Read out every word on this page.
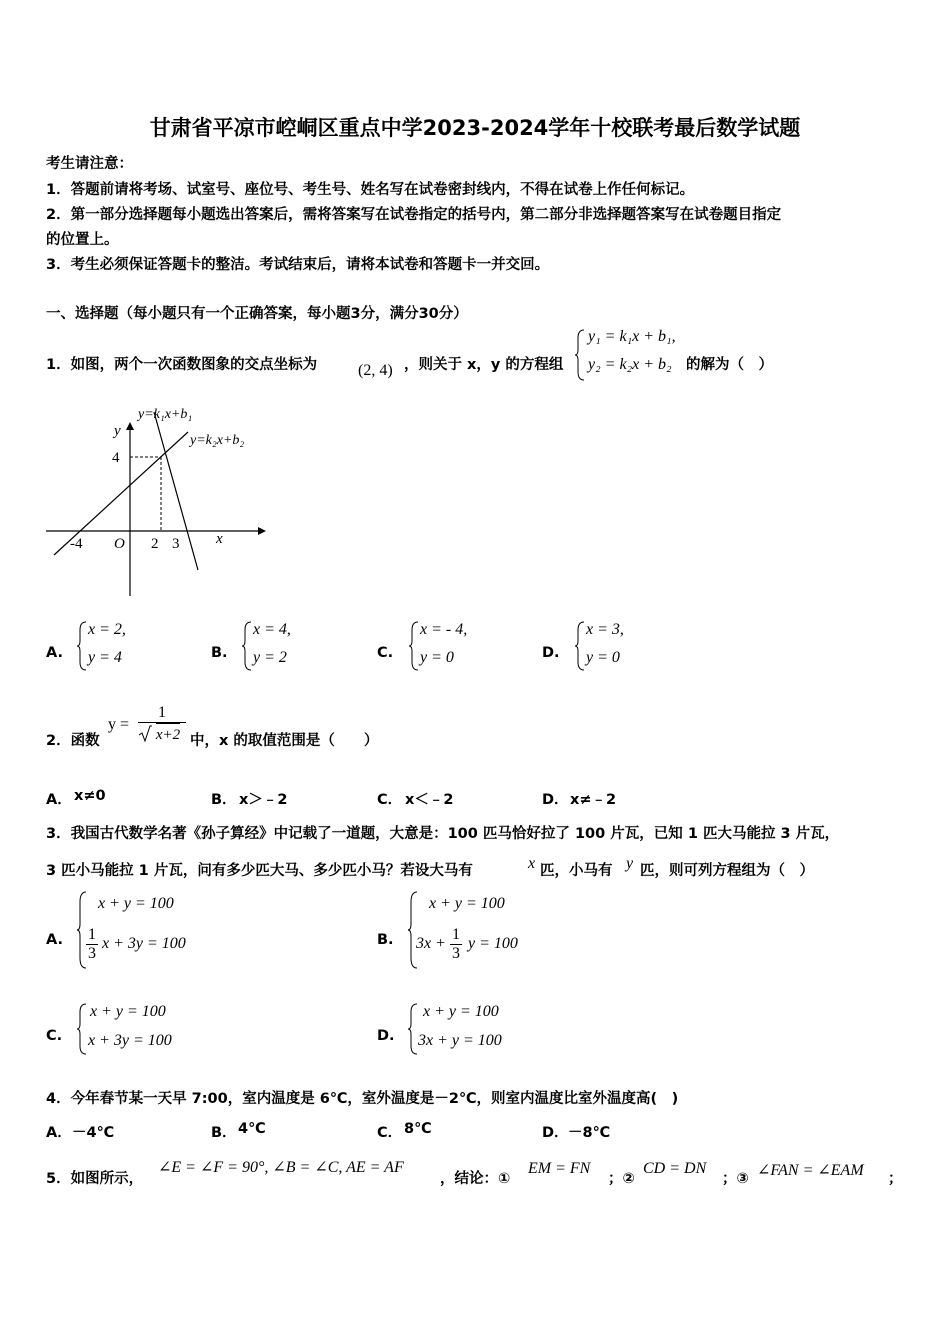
甘肃省平凉市崆峒区重点中学2023-2024学年十校联考最后数学试题
考生请注意：
1．答题前请将考场、试室号、座位号、考生号、姓名写在试卷密封线内，不得在试卷上作任何标记。
2．第一部分选择题每小题选出答案后，需将答案写在试卷指定的括号内，第二部分非选择题答案写在试卷题目指定
的位置上。
3．考生必须保证答题卡的整洁。考试结束后，请将本试卷和答题卡一并交回。
一、选择题（每小题只有一个正确答案，每小题3分，满分30分）
1．如图，两个一次函数图象的交点坐标为	(2, 4) ，则关于 x，y 的方程组
y₁ = k₁x + b₁,
y₂ = k₂x + b₂ 的解为（　）
y=k₁x+b₁
y=k₂x+b₂
y
x
4
-4 O 2 3
A.
x = 2,
y = 4	B.
x = 4,
y = 2	C.
x = - 4,
y = 0	D.
x = 3,
y = 0
2．函数
y =
1
x+2 中，x 的取值范围是（　　）
A． x≠0	B． x＞﹣2	C． x＜﹣2	D． x≠﹣2
3．我国古代数学名著《孙子算经》中记载了一道题，大意是：100 匹马恰好拉了 100 片瓦，已知 1 匹大马能拉 3 片瓦，
3 匹小马能拉 1 片瓦，问有多少匹大马、多少匹小马？若设大马有	x 匹，小马有 y 匹，则可列方程组为（　）
A.
x + y = 100
$\frac{1}{3}$ x + 3y = 100	B.
x + y = 100
$3x + \frac{1}{3}$ y = 100
C.
x + y = 100
x + 3y = 100	D.
x + y = 100
3x + y = 100
4．今年春节某一天早 7:00，室内温度是 6℃，室外温度是－2℃，则室内温度比室外温度高(　)
A． －4℃	B． 4℃	C． 8℃	D． －8℃
5．如图所示，
∠E = ∠F = 90°, ∠B = ∠C, AE = AF
，结论：①
EM = FN
；②
CD = DN
；③ ∠FAN = ∠EAM ；
